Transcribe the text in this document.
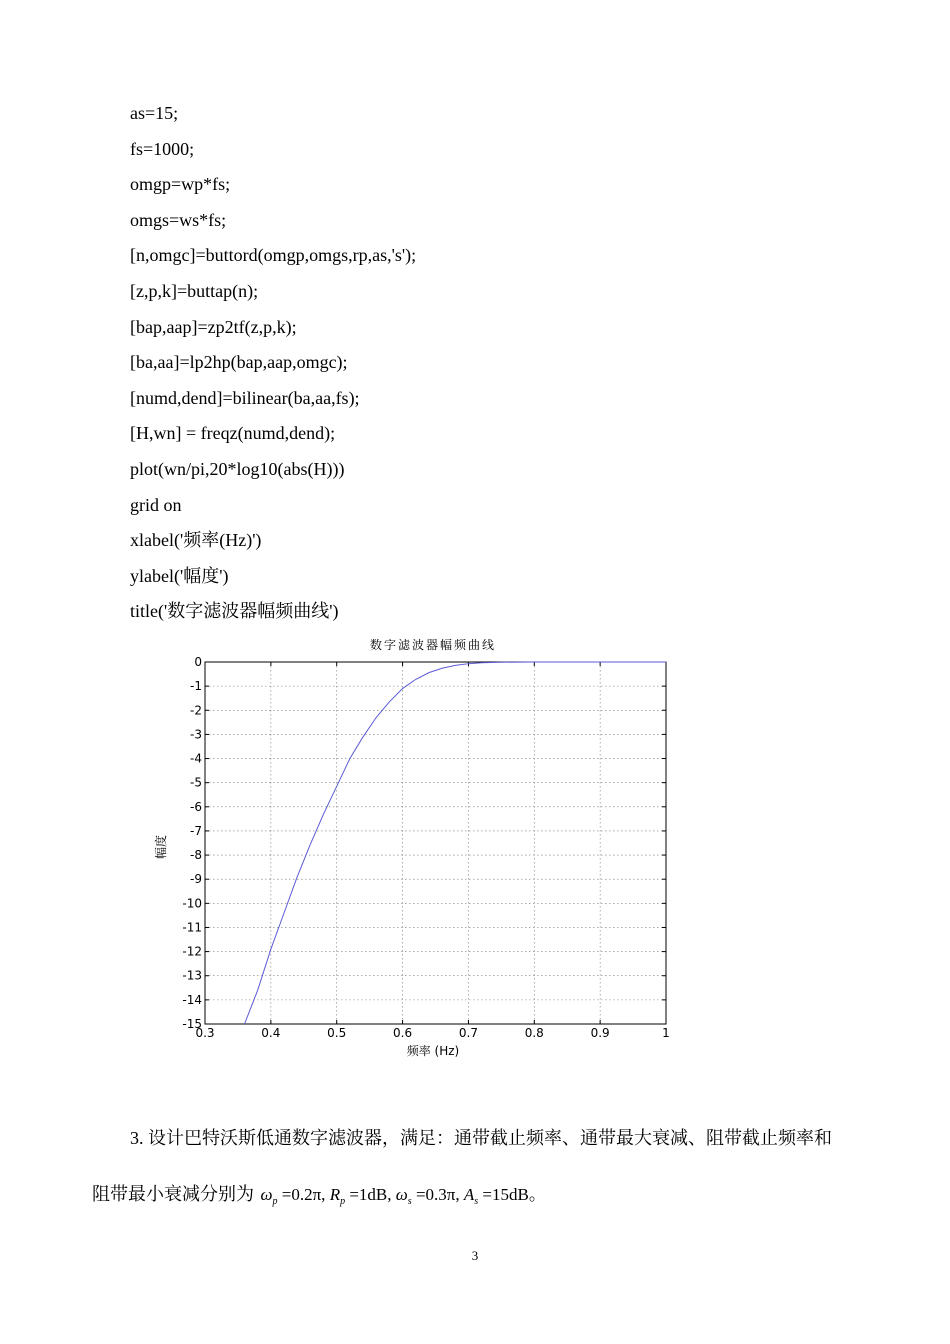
as=15;
fs=1000;
omgp=wp*fs;
omgs=ws*fs;
[n,omgc]=buttord(omgp,omgs,rp,as,'s');
[z,p,k]=buttap(n);
[bap,aap]=zp2tf(z,p,k);
[ba,aa]=lp2hp(bap,aap,omgc);
[numd,dend]=bilinear(ba,aa,fs);
[H,wn] = freqz(numd,dend);
plot(wn/pi,20*log10(abs(H)))
grid on
xlabel('频率(Hz)')
ylabel('幅度')
title('数字滤波器幅频曲线')
0.3	0.4	0.5	0.6	0.7	0.8	0.9	1
0
-1
-2
-3
-4
-5
-6
-7
-8
-9
-10
-11
-12
-13
-14
-15
数字滤波器幅频曲线
频率 (Hz)
幅度
3. 设计巴特沃斯低通数字滤波器，满足：通带截止频率、通带最大衰减、阻带截止频率和
阻带最小衰减分别为 $\omega_p =0.2\pi$, $R_p =1dB$, $\omega_s =0.3\pi$, $A_s =15dB$。
3
